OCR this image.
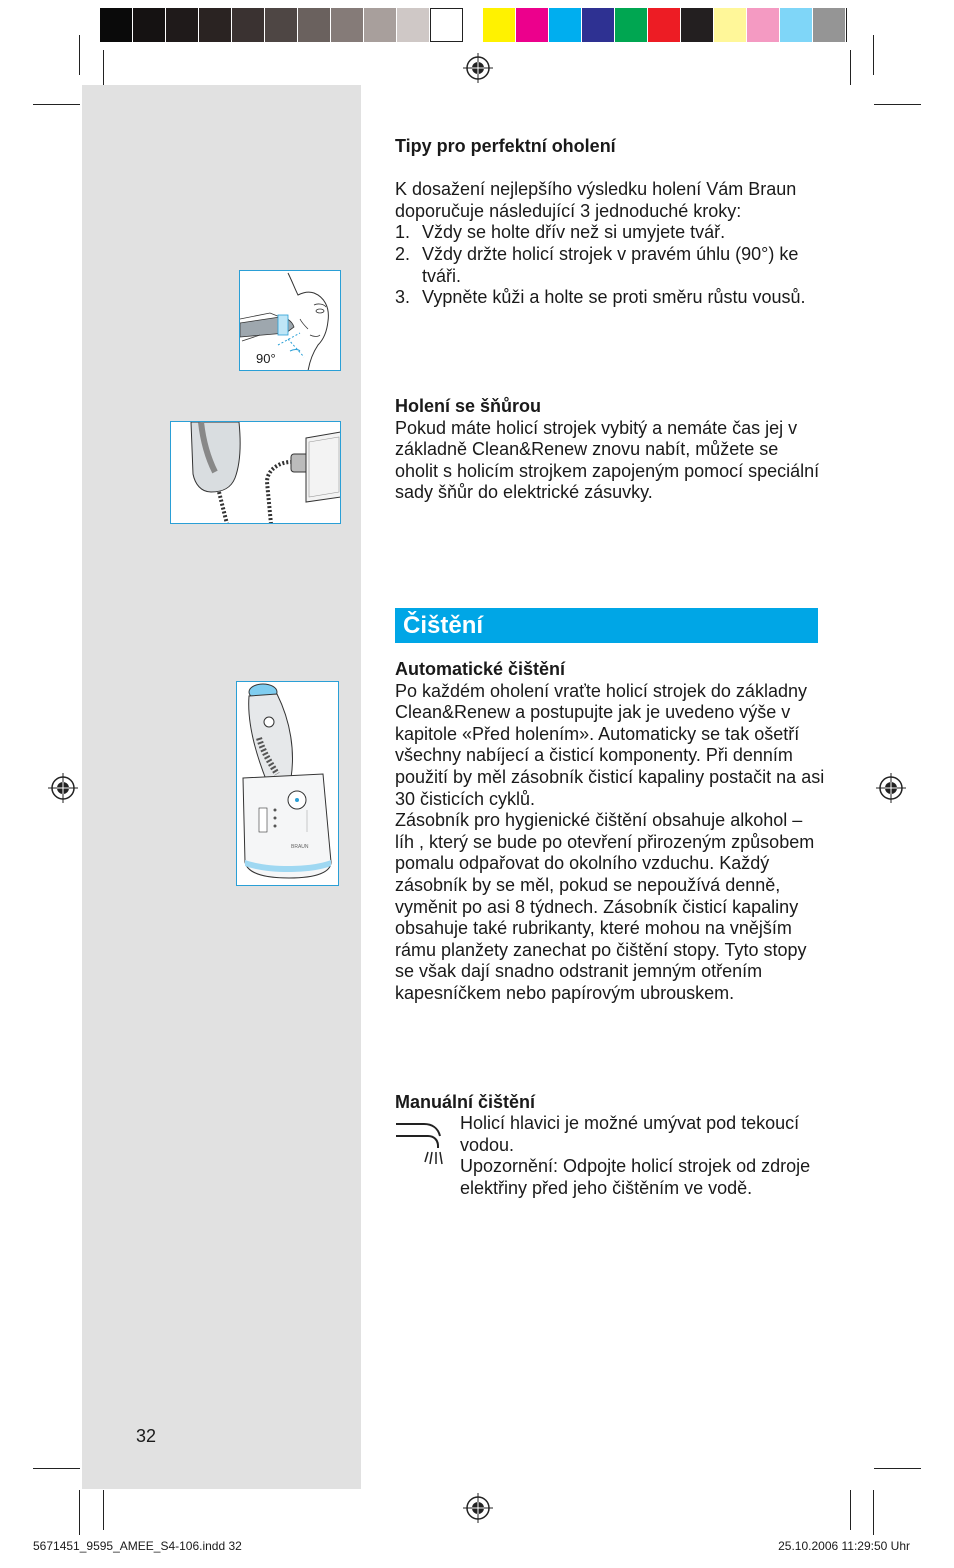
90°
BRAUN

Tipy pro perfektní oholení

K dosažení nejlepšího výsledku holení Vám Braun doporučuje následující 3 jednoduché kroky:

1. Vždy se holte dřív než si umyjete tvář.
2. Vždy držte holicí strojek v pravém úhlu (90°) ke tváři.
3. Vypněte kůži a holte se proti směru růstu vousů.

Holení se šňůrou

Pokud máte holicí strojek vybitý a nemáte čas jej v základně Clean&Renew znovu nabít, můžete se oholit s holicím strojkem zapojeným pomocí speciální sady šňůr do elektrické zásuvky.

Čištění

Automatické čištění

Po každém oholení vraťte holicí strojek do základny Clean&Renew a postupujte jak je uvedeno výše v kapitole «Před holením». Automaticky se tak ošetří všechny nabíjecí a čisticí komponenty. Při denním použití by měl zásobník čisticí kapaliny postačit na asi 30 čisticích cyklů.

Zásobník pro hygienické čištění obsahuje alkohol – líh , který se bude po otevření přirozeným způsobem pomalu odpařovat do okolního vzduchu. Každý zásobník by se měl, pokud se nepoužívá denně, vyměnit po asi 8 týdnech. Zásobník čisticí kapaliny obsahuje také rubrikanty, které mohou na vnějším rámu planžety zanechat po čištění stopy. Tyto stopy se však dají snadno odstranit jemným otřením kapesníčkem nebo papírovým ubrouskem.

Manuální čištění

Holicí hlavici je možné umývat pod tekoucí vodou.

Upozornění: Odpojte holicí strojek od zdroje elektřiny před jeho čištěním ve vodě.

32
5671451_9595_AMEE_S4-106.indd 32	25.10.2006 11:29:50 Uhr
